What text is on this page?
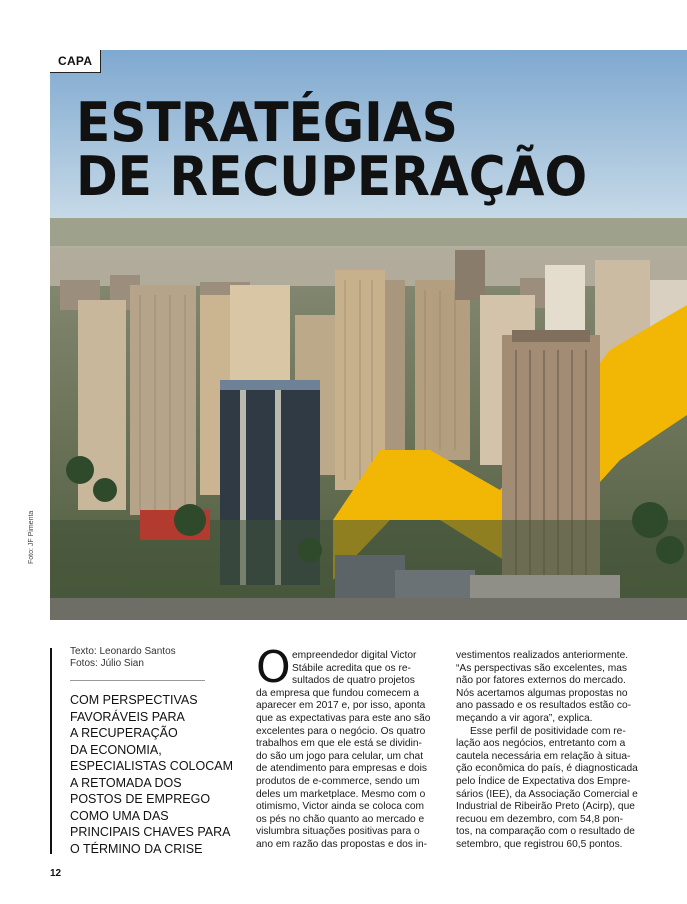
CAPA
ESTRATÉGIAS
DE RECUPERAÇÃO
Foto: JF Pimenta
Texto: Leonardo Santos
Fotos: Júlio Sian
COM PERSPECTIVAS
FAVORÁVEIS PARA
A RECUPERAÇÃO
DA ECONOMIA,
ESPECIALISTAS COLOCAM
A RETOMADA DOS
POSTOS DE EMPREGO
COMO UMA DAS
PRINCIPAIS CHAVES PARA
O TÉRMINO DA CRISE
O empreendedor digital Victor
Stábile acredita que os re-
sultados de quatro projetos
da empresa que fundou comecem a
aparecer em 2017 e, por isso, aponta
que as expectativas para este ano são
excelentes para o negócio. Os quatro
trabalhos em que ele está se dividin-
do são um jogo para celular, um chat
de atendimento para empresas e dois
produtos de e-commerce, sendo um
deles um marketplace. Mesmo com o
otimismo, Victor ainda se coloca com
os pés no chão quanto ao mercado e
vislumbra situações positivas para o
ano em razão das propostas e dos in-
vestimentos realizados anteriormente.
“As perspectivas são excelentes, mas
não por fatores externos do mercado.
Nós acertamos algumas propostas no
ano passado e os resultados estão co-
meçando a vir agora”, explica.
Esse perfil de positividade com re-
lação aos negócios, entretanto com a
cautela necessária em relação à situa-
ção econômica do país, é diagnosticada
pelo Índice de Expectativa dos Empre-
sários (IEE), da Associação Comercial e
Industrial de Ribeirão Preto (Acirp), que
recuou em dezembro, com 54,8 pon-
tos, na comparação com o resultado de
setembro, que registrou 60,5 pontos.
12
